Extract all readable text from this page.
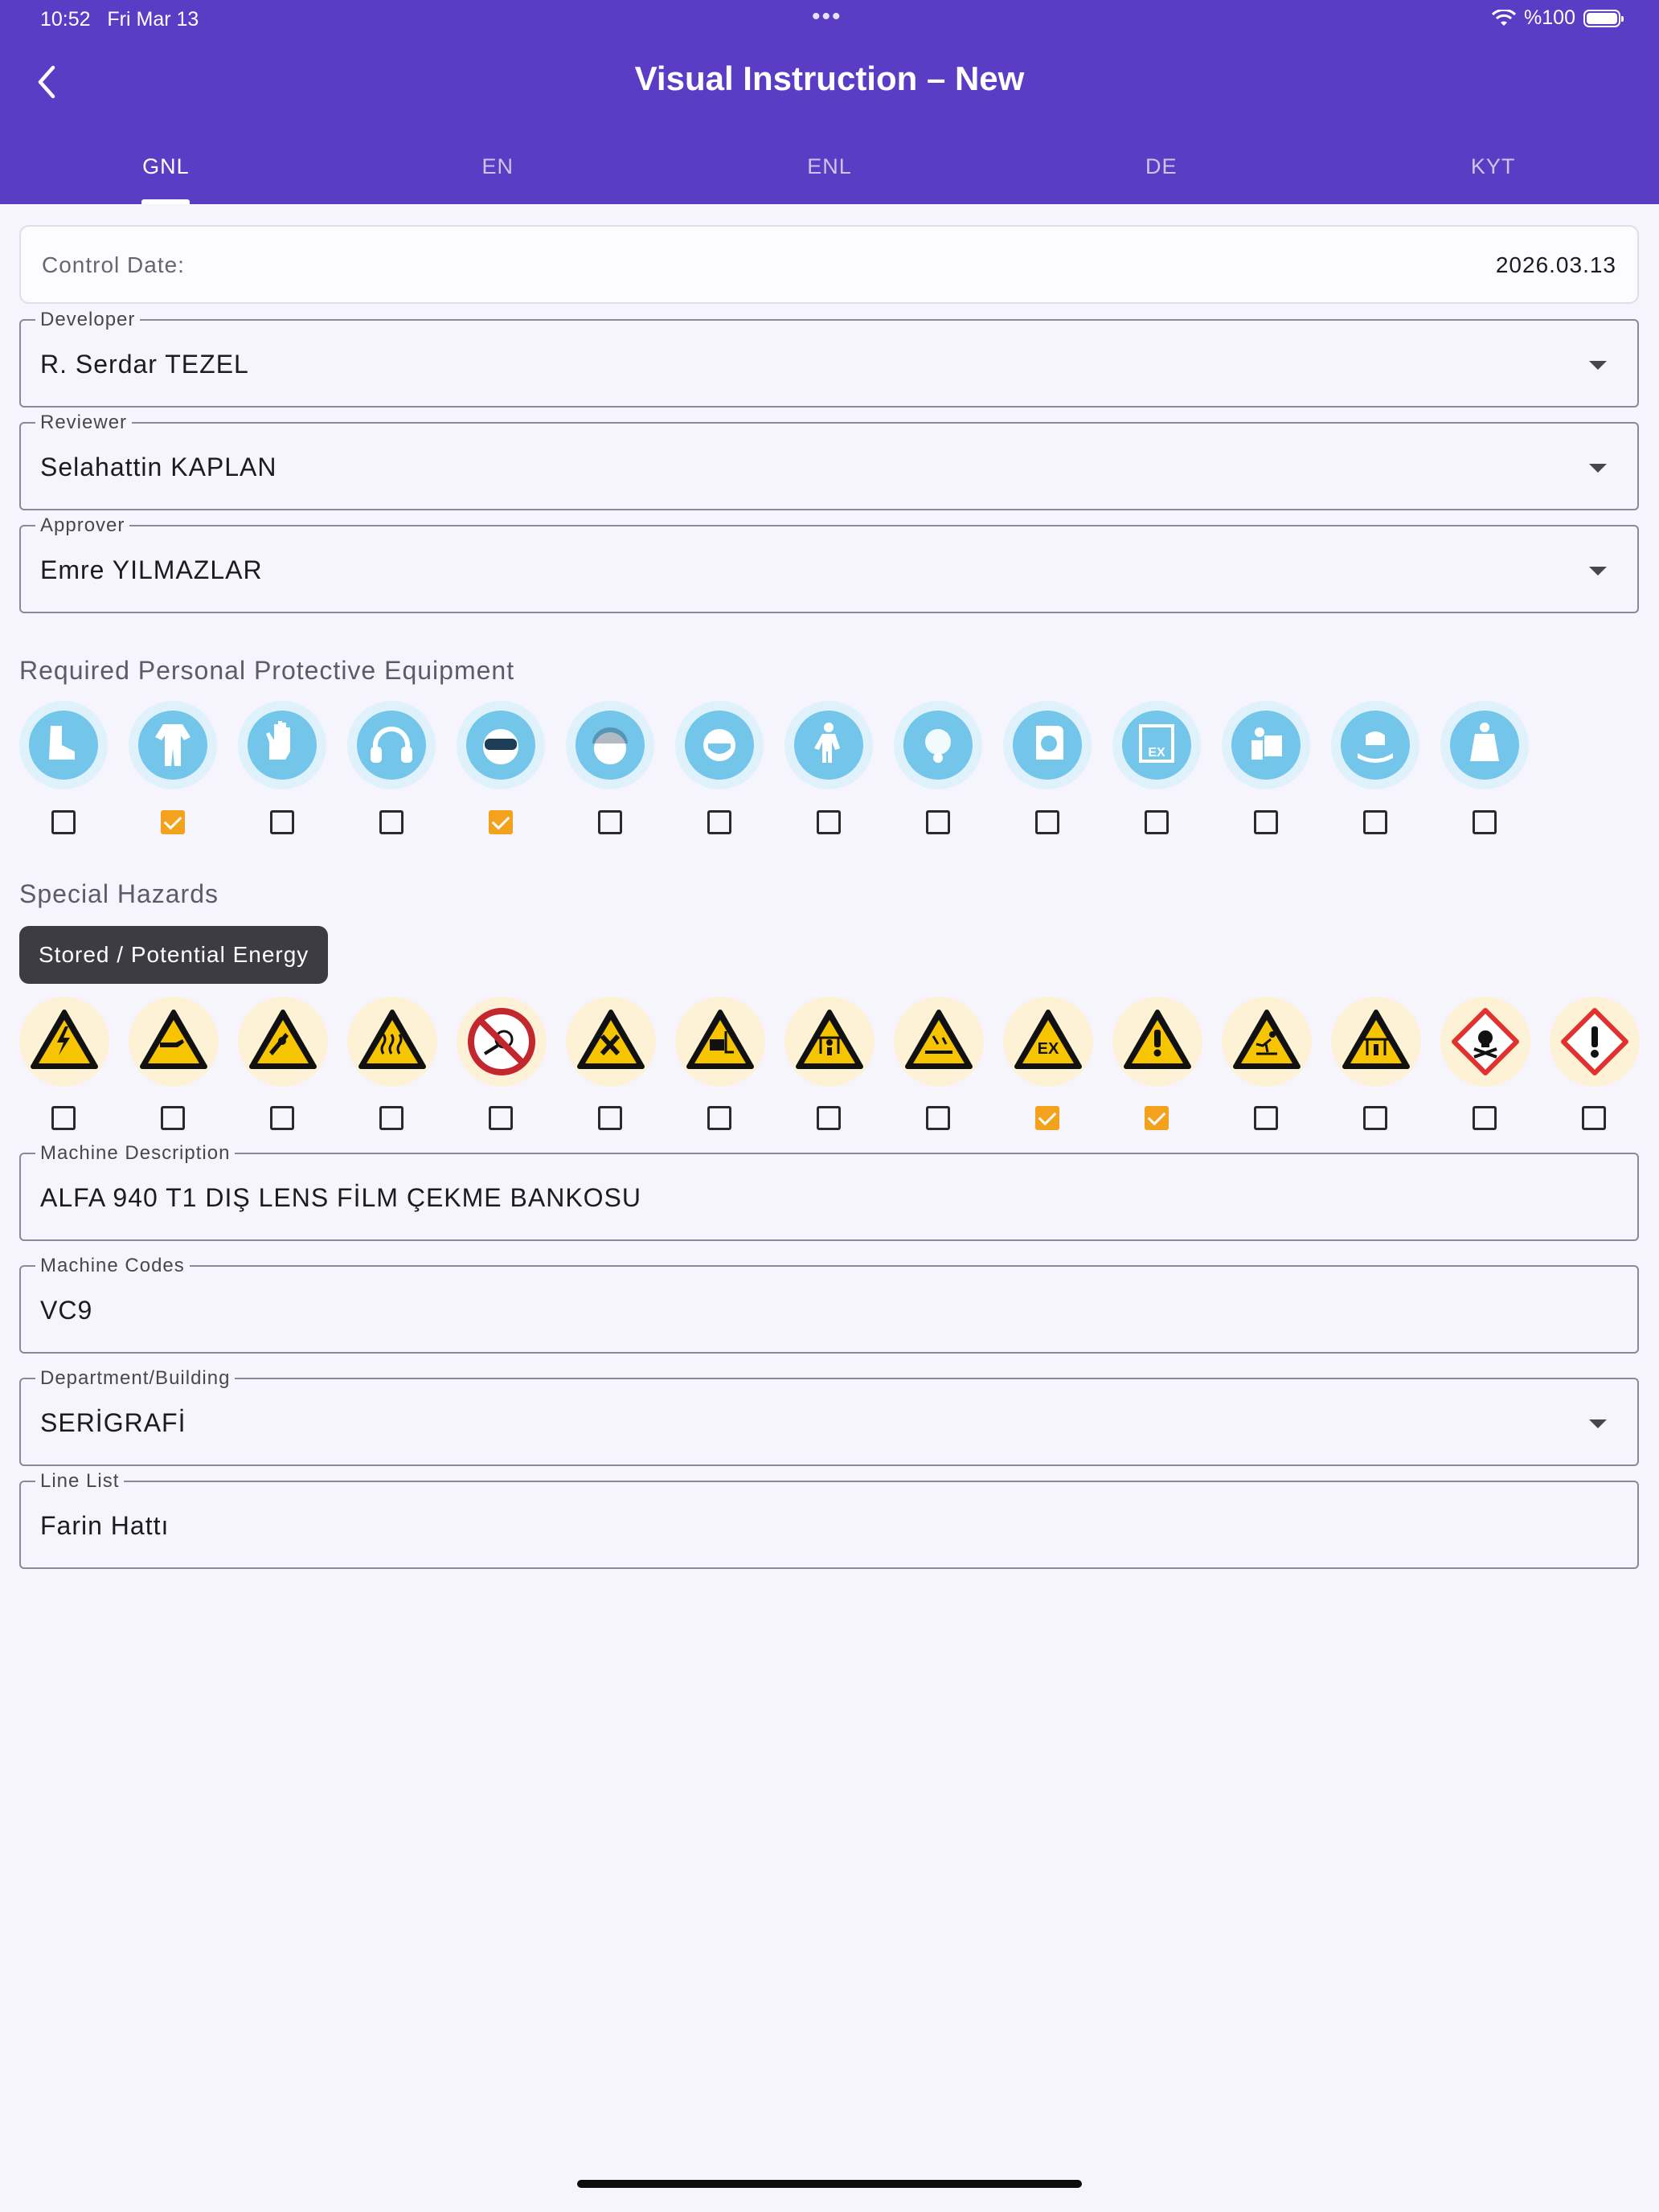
10:52 Fri Mar 13	•••	%100
Visual Instruction – New
GNL	EN	ENL	DE	KYT
Control Date:	2026.03.13
Developer
R. Serdar TEZEL
Reviewer
Selahattin KAPLAN
Approver
Emre YILMAZLAR
Required Personal Protective Equipment
EX
Special Hazards
Stored / Potential Energy
EX
Machine Description
ALFA 940 T1 DIŞ LENS FİLM ÇEKME BANKOSU
Machine Codes
VC9
Department/Building
SERİGRAFİ
Line List
Farin Hattı
